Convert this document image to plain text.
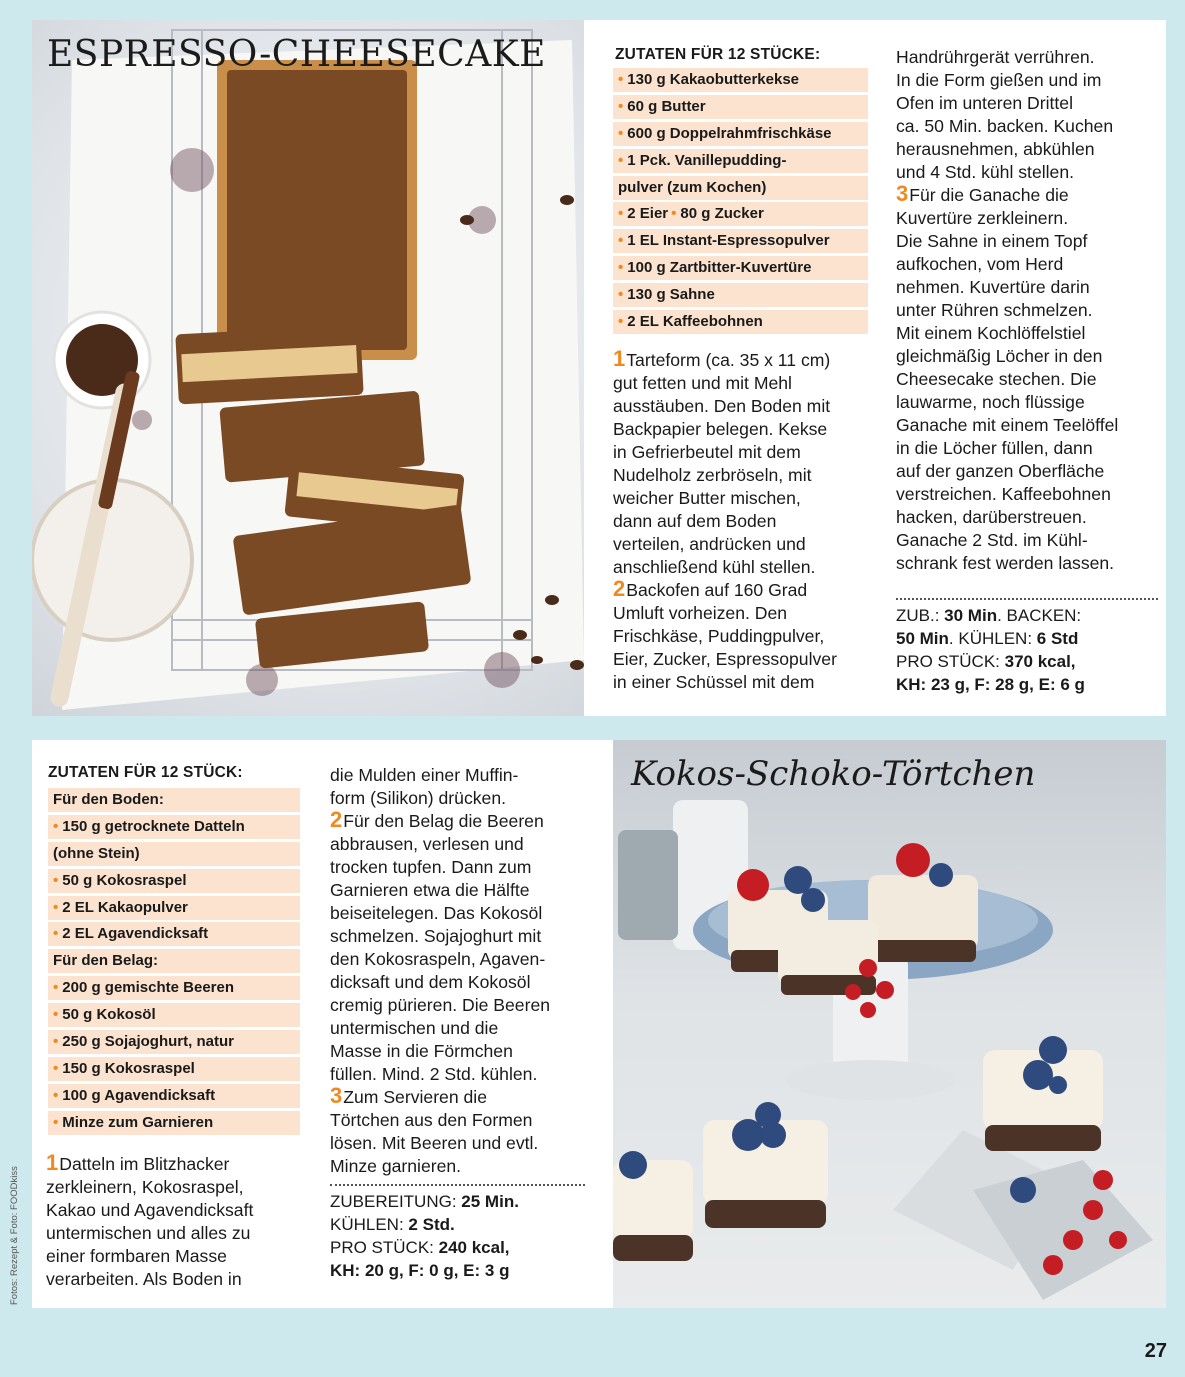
ESPRESSO-CHEESECAKE	ZUTATEN FÜR 12 STÜCKE:

• 130 g Kakaobutterkekse
• 60 g Butter
• 600 g Doppelrahmfrischkäse
• 1 Pck. Vanillepudding-
pulver (zum Kochen)
• 2 Eier • 80 g Zucker
• 1 EL Instant-Espressopulver
• 100 g Zartbitter-Kuvertüre
• 130 g Sahne
• 2 EL Kaffeebohnen

1Tarteform (ca. 35 x 11 cm)

gut fetten und mit Mehl

ausstäuben. Den Boden mit

Backpapier belegen. Kekse

in Gefrierbeutel mit dem

Nudelholz zerbröseln, mit

weicher Butter mischen,

dann auf dem Boden

verteilen, andrücken und

anschließend kühl stellen.

2Backofen auf 160 Grad

Umluft vorheizen. Den

Frischkäse, Puddingpulver,

Eier, Zucker, Espressopulver

in einer Schüssel mit dem

Handrührgerät verrühren.

In die Form gießen und im

Ofen im unteren Drittel

ca. 50 Min. backen. Kuchen

herausnehmen, abkühlen

und 4 Std. kühl stellen.

3Für die Ganache die

Kuvertüre zerkleinern.

Die Sahne in einem Topf

aufkochen, vom Herd

nehmen. Kuvertüre darin

unter Rühren schmelzen.

Mit einem Kochlöffelstiel

gleichmäßig Löcher in den

Cheesecake stechen. Die

lauwarme, noch flüssige

Ganache mit einem Teelöffel

in die Löcher füllen, dann

auf der ganzen Oberfläche

verstreichen. Kaffeebohnen

hacken, darüberstreuen.

Ganache 2 Std. im Kühl-

schrank fest werden lassen.

ZUB.: 30 Min. BACKEN:
50 Min. KÜHLEN: 6 Std
PRO STÜCK: 370 kcal,
KH: 23 g, F: 28 g, E: 6 g

ZUTATEN FÜR 12 STÜCK:

Für den Boden:
• 150 g getrocknete Datteln
(ohne Stein)
• 50 g Kokosraspel
• 2 EL Kakaopulver
• 2 EL Agavendicksaft
Für den Belag:
• 200 g gemischte Beeren
• 50 g Kokosöl
• 250 g Sojajoghurt, natur
• 150 g Kokosraspel
• 100 g Agavendicksaft
• Minze zum Garnieren

1Datteln im Blitzhacker

zerkleinern, Kokosraspel,

Kakao und Agavendicksaft

untermischen und alles zu

einer formbaren Masse

verarbeiten. Als Boden in

die Mulden einer Muffin-

form (Silikon) drücken.

2Für den Belag die Beeren

abbrausen, verlesen und

trocken tupfen. Dann zum

Garnieren etwa die Hälfte

beiseitelegen. Das Kokosöl

schmelzen. Sojajoghurt mit

den Kokosraspeln, Agaven-

dicksaft und dem Kokosöl

cremig pürieren. Die Beeren

untermischen und die

Masse in die Förmchen

füllen. Mind. 2 Std. kühlen.

3Zum Servieren die

Törtchen aus den Formen

lösen. Mit Beeren und evtl.

Minze garnieren.

ZUBEREITUNG: 25 Min.
KÜHLEN: 2 Std.
PRO STÜCK: 240 kcal,
KH: 20 g, F: 0 g, E: 3 g
Kokos-Schoko-Törtchen
Fotos: Rezept & Foto: FOODkiss
27
